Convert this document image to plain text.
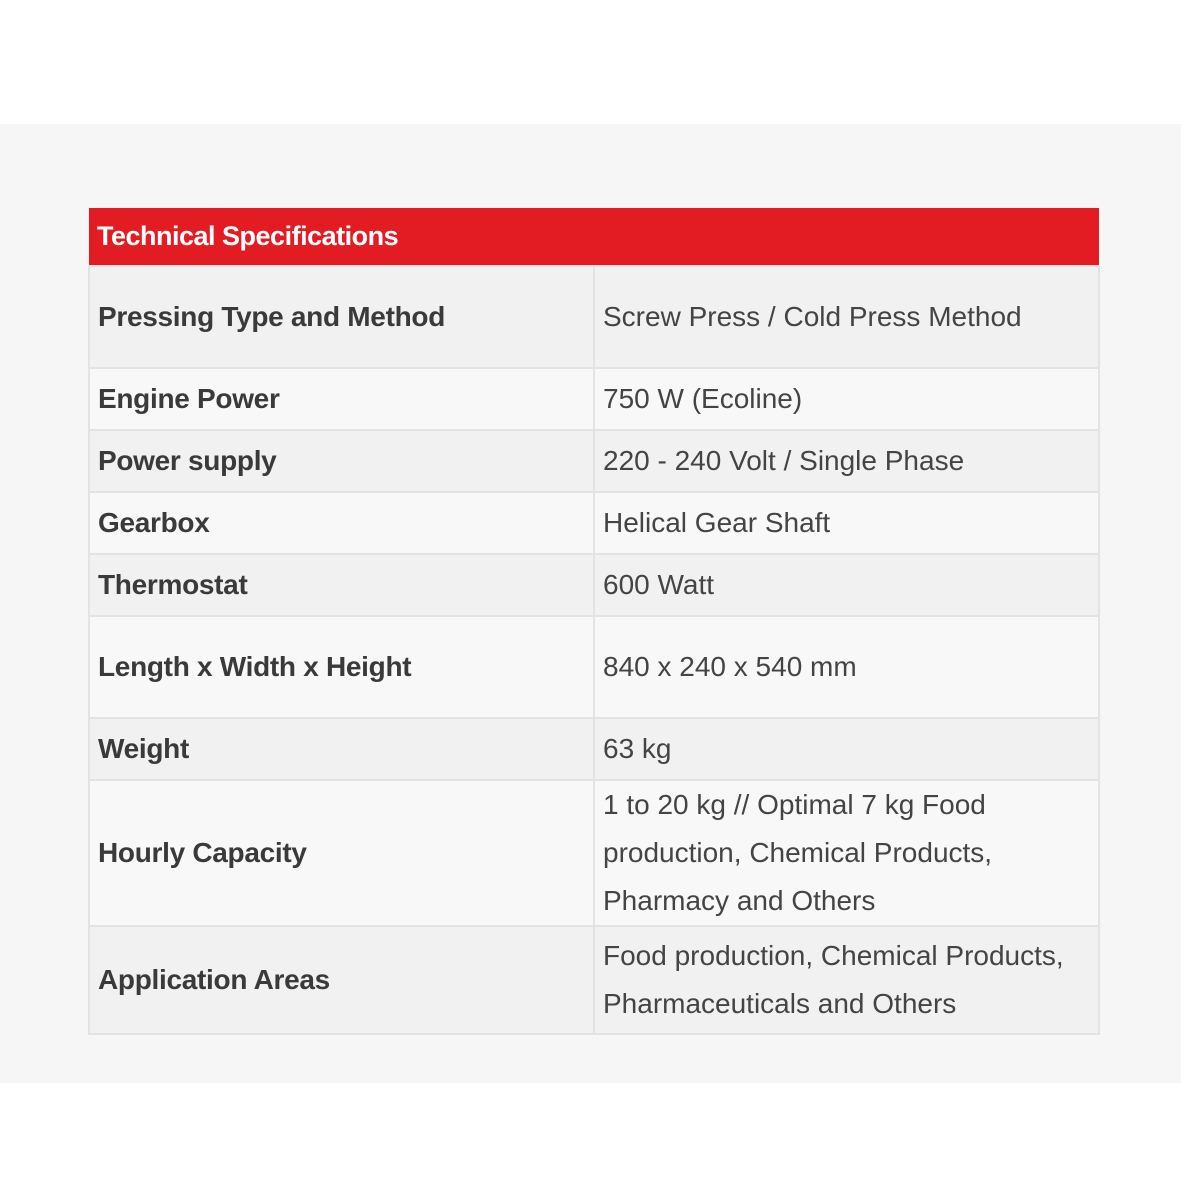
Technical Specifications	
Pressing Type and Method	Screw Press / Cold Press Method
Engine Power	750 W (Ecoline)
Power supply	220 - 240 Volt / Single Phase
Gearbox	Helical Gear Shaft
Thermostat	600 Watt
Length x Width x Height	840 x 240 x 540 mm
Weight	63 kg
Hourly Capacity	1 to 20 kg // Optimal 7 kg Food production, Chemical Products, Pharmacy and Others
Application Areas	Food production, Chemical Products, Pharmaceuticals and Others
